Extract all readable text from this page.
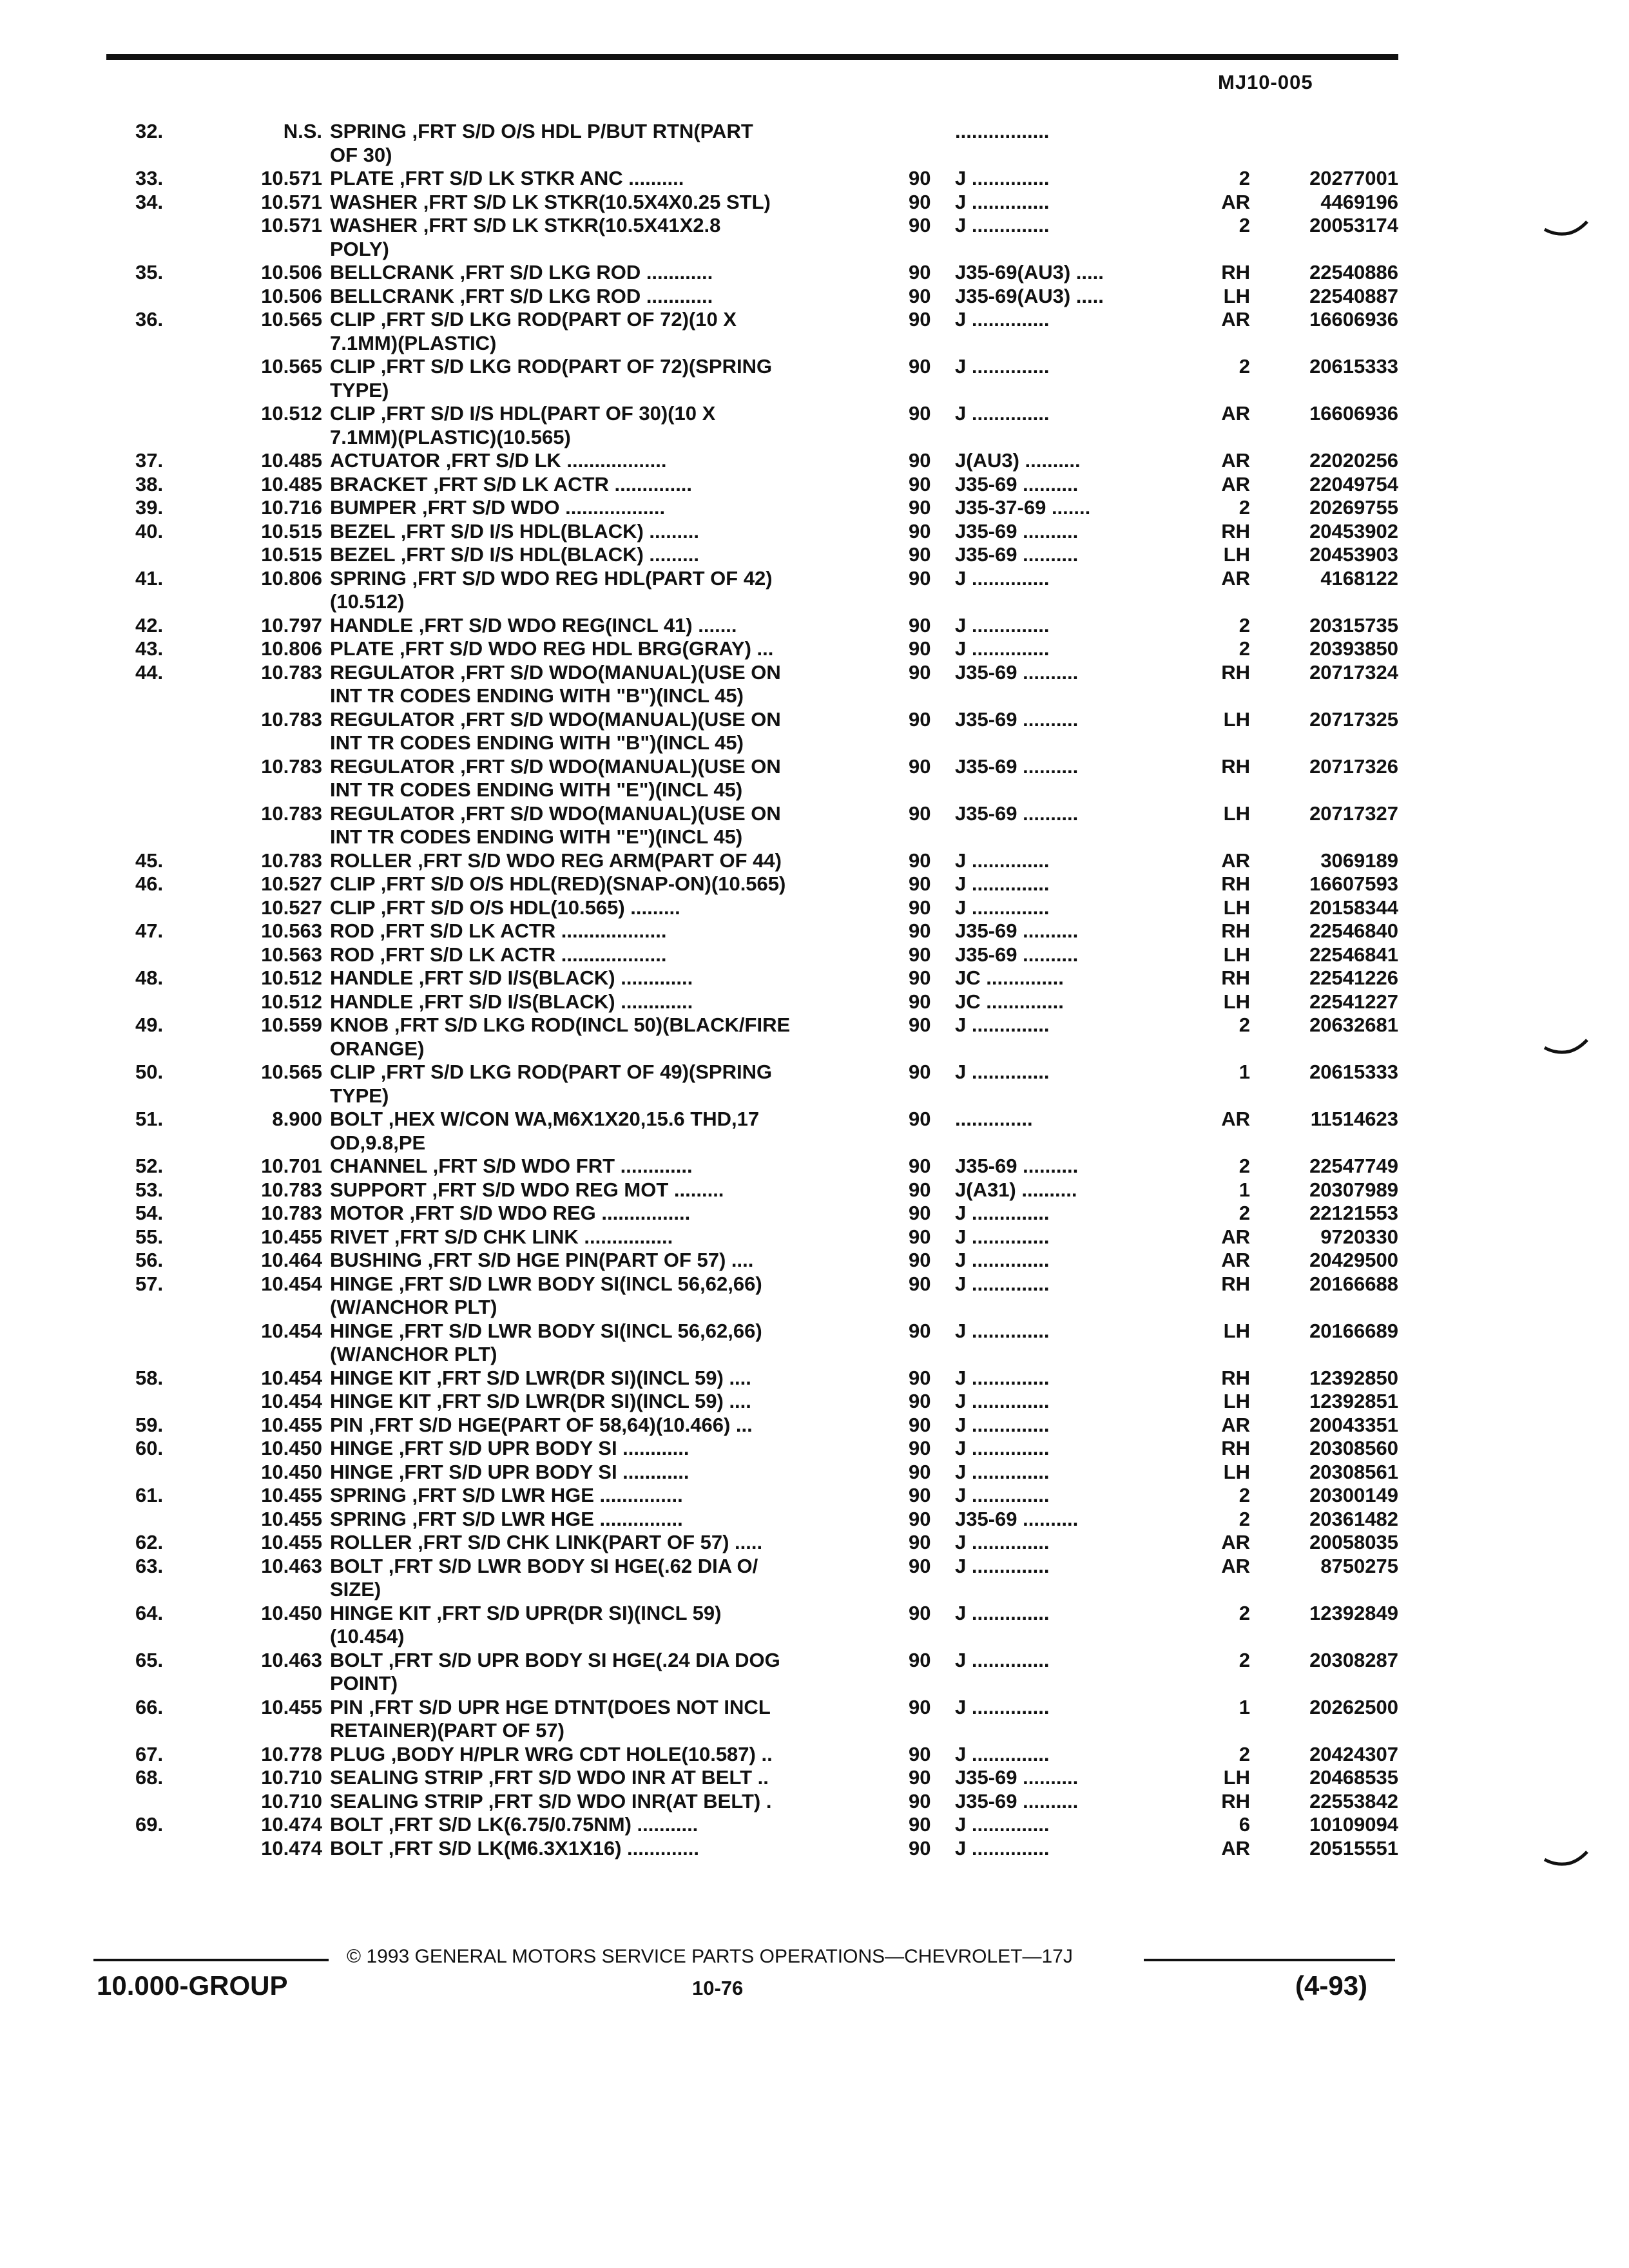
MJ10-005
32.	N.S. SPRING ,FRT S/D O/S HDL P/BUT RTN(PART	.................
OF 30)
33.	10.571 PLATE ,FRT S/D LK STKR ANC ..........	90 J ..............	2	20277001
34.	10.571 WASHER ,FRT S/D LK STKR(10.5X4X0.25 STL)	90 J ..............	AR	4469196
10.571 WASHER ,FRT S/D LK STKR(10.5X41X2.8	90 J ..............	2	20053174
POLY)
35.	10.506 BELLCRANK ,FRT S/D LKG ROD ............	90 J35-69(AU3) .....	RH	22540886
10.506 BELLCRANK ,FRT S/D LKG ROD ............	90 J35-69(AU3) .....	LH	22540887
36.	10.565 CLIP ,FRT S/D LKG ROD(PART OF 72)(10 X	90 J ..............	AR	16606936
7.1MM)(PLASTIC)
10.565 CLIP ,FRT S/D LKG ROD(PART OF 72)(SPRING	90 J ..............	2	20615333
TYPE)
10.512 CLIP ,FRT S/D I/S HDL(PART OF 30)(10 X	90 J ..............	AR	16606936
7.1MM)(PLASTIC)(10.565)
37.	10.485 ACTUATOR ,FRT S/D LK ..................	90 J(AU3) ..........	AR	22020256
38.	10.485 BRACKET ,FRT S/D LK ACTR ..............	90 J35-69 ..........	AR	22049754
39.	10.716 BUMPER ,FRT S/D WDO ..................	90 J35-37-69 .......	2	20269755
40.	10.515 BEZEL ,FRT S/D I/S HDL(BLACK) .........	90 J35-69 ..........	RH	20453902
10.515 BEZEL ,FRT S/D I/S HDL(BLACK) .........	90 J35-69 ..........	LH	20453903
41.	10.806 SPRING ,FRT S/D WDO REG HDL(PART OF 42)	90 J ..............	AR	4168122
(10.512)
42.	10.797 HANDLE ,FRT S/D WDO REG(INCL 41) .......	90 J ..............	2	20315735
43.	10.806 PLATE ,FRT S/D WDO REG HDL BRG(GRAY) ...	90 J ..............	2	20393850
44.	10.783 REGULATOR ,FRT S/D WDO(MANUAL)(USE ON	90 J35-69 ..........	RH	20717324
INT TR CODES ENDING WITH "B")(INCL 45)
10.783 REGULATOR ,FRT S/D WDO(MANUAL)(USE ON	90 J35-69 ..........	LH	20717325
INT TR CODES ENDING WITH "B")(INCL 45)
10.783 REGULATOR ,FRT S/D WDO(MANUAL)(USE ON	90 J35-69 ..........	RH	20717326
INT TR CODES ENDING WITH "E")(INCL 45)
10.783 REGULATOR ,FRT S/D WDO(MANUAL)(USE ON	90 J35-69 ..........	LH	20717327
INT TR CODES ENDING WITH "E")(INCL 45)
45.	10.783 ROLLER ,FRT S/D WDO REG ARM(PART OF 44)	90 J ..............	AR	3069189
46.	10.527 CLIP ,FRT S/D O/S HDL(RED)(SNAP-ON)(10.565)	90 J ..............	RH	16607593
10.527 CLIP ,FRT S/D O/S HDL(10.565) .........	90 J ..............	LH	20158344
47.	10.563 ROD ,FRT S/D LK ACTR ...................	90 J35-69 ..........	RH	22546840
10.563 ROD ,FRT S/D LK ACTR ...................	90 J35-69 ..........	LH	22546841
48.	10.512 HANDLE ,FRT S/D I/S(BLACK) .............	90 JC ..............	RH	22541226
10.512 HANDLE ,FRT S/D I/S(BLACK) .............	90 JC ..............	LH	22541227
49.	10.559 KNOB ,FRT S/D LKG ROD(INCL 50)(BLACK/FIRE	90 J ..............	2	20632681
ORANGE)
50.	10.565 CLIP ,FRT S/D LKG ROD(PART OF 49)(SPRING	90 J ..............	1	20615333
TYPE)
51.	8.900 BOLT ,HEX W/CON WA,M6X1X20,15.6 THD,17	90 ..............	AR	11514623
OD,9.8,PE
52.	10.701 CHANNEL ,FRT S/D WDO FRT .............	90 J35-69 ..........	2	22547749
53.	10.783 SUPPORT ,FRT S/D WDO REG MOT .........	90 J(A31) ..........	1	20307989
54.	10.783 MOTOR ,FRT S/D WDO REG ................	90 J ..............	2	22121553
55.	10.455 RIVET ,FRT S/D CHK LINK ................	90 J ..............	AR	9720330
56.	10.464 BUSHING ,FRT S/D HGE PIN(PART OF 57) ....	90 J ..............	AR	20429500
57.	10.454 HINGE ,FRT S/D LWR BODY SI(INCL 56,62,66)	90 J ..............	RH	20166688
(W/ANCHOR PLT)
10.454 HINGE ,FRT S/D LWR BODY SI(INCL 56,62,66)	90 J ..............	LH	20166689
(W/ANCHOR PLT)
58.	10.454 HINGE KIT ,FRT S/D LWR(DR SI)(INCL 59) ....	90 J ..............	RH	12392850
10.454 HINGE KIT ,FRT S/D LWR(DR SI)(INCL 59) ....	90 J ..............	LH	12392851
59.	10.455 PIN ,FRT S/D HGE(PART OF 58,64)(10.466) ...	90 J ..............	AR	20043351
60.	10.450 HINGE ,FRT S/D UPR BODY SI ............	90 J ..............	RH	20308560
10.450 HINGE ,FRT S/D UPR BODY SI ............	90 J ..............	LH	20308561
61.	10.455 SPRING ,FRT S/D LWR HGE ...............	90 J ..............	2	20300149
10.455 SPRING ,FRT S/D LWR HGE ...............	90 J35-69 ..........	2	20361482
62.	10.455 ROLLER ,FRT S/D CHK LINK(PART OF 57) .....	90 J ..............	AR	20058035
63.	10.463 BOLT ,FRT S/D LWR BODY SI HGE(.62 DIA O/	90 J ..............	AR	8750275
SIZE)
64.	10.450 HINGE KIT ,FRT S/D UPR(DR SI)(INCL 59)	90 J ..............	2	12392849
(10.454)
65.	10.463 BOLT ,FRT S/D UPR BODY SI HGE(.24 DIA DOG	90 J ..............	2	20308287
POINT)
66.	10.455 PIN ,FRT S/D UPR HGE DTNT(DOES NOT INCL	90 J ..............	1	20262500
RETAINER)(PART OF 57)
67.	10.778 PLUG ,BODY H/PLR WRG CDT HOLE(10.587) ..	90 J ..............	2	20424307
68.	10.710 SEALING STRIP ,FRT S/D WDO INR AT BELT ..	90 J35-69 ..........	LH	20468535
10.710 SEALING STRIP ,FRT S/D WDO INR(AT BELT) .	90 J35-69 ..........	RH	22553842
69.	10.474 BOLT ,FRT S/D LK(6.75/0.75NM) ...........	90 J ..............	6	10109094
10.474 BOLT ,FRT S/D LK(M6.3X1X16) .............	90 J ..............	AR	20515551
© 1993 GENERAL MOTORS SERVICE PARTS OPERATIONS—CHEVROLET—17J
10.000-GROUP	10-76	(4-93)
